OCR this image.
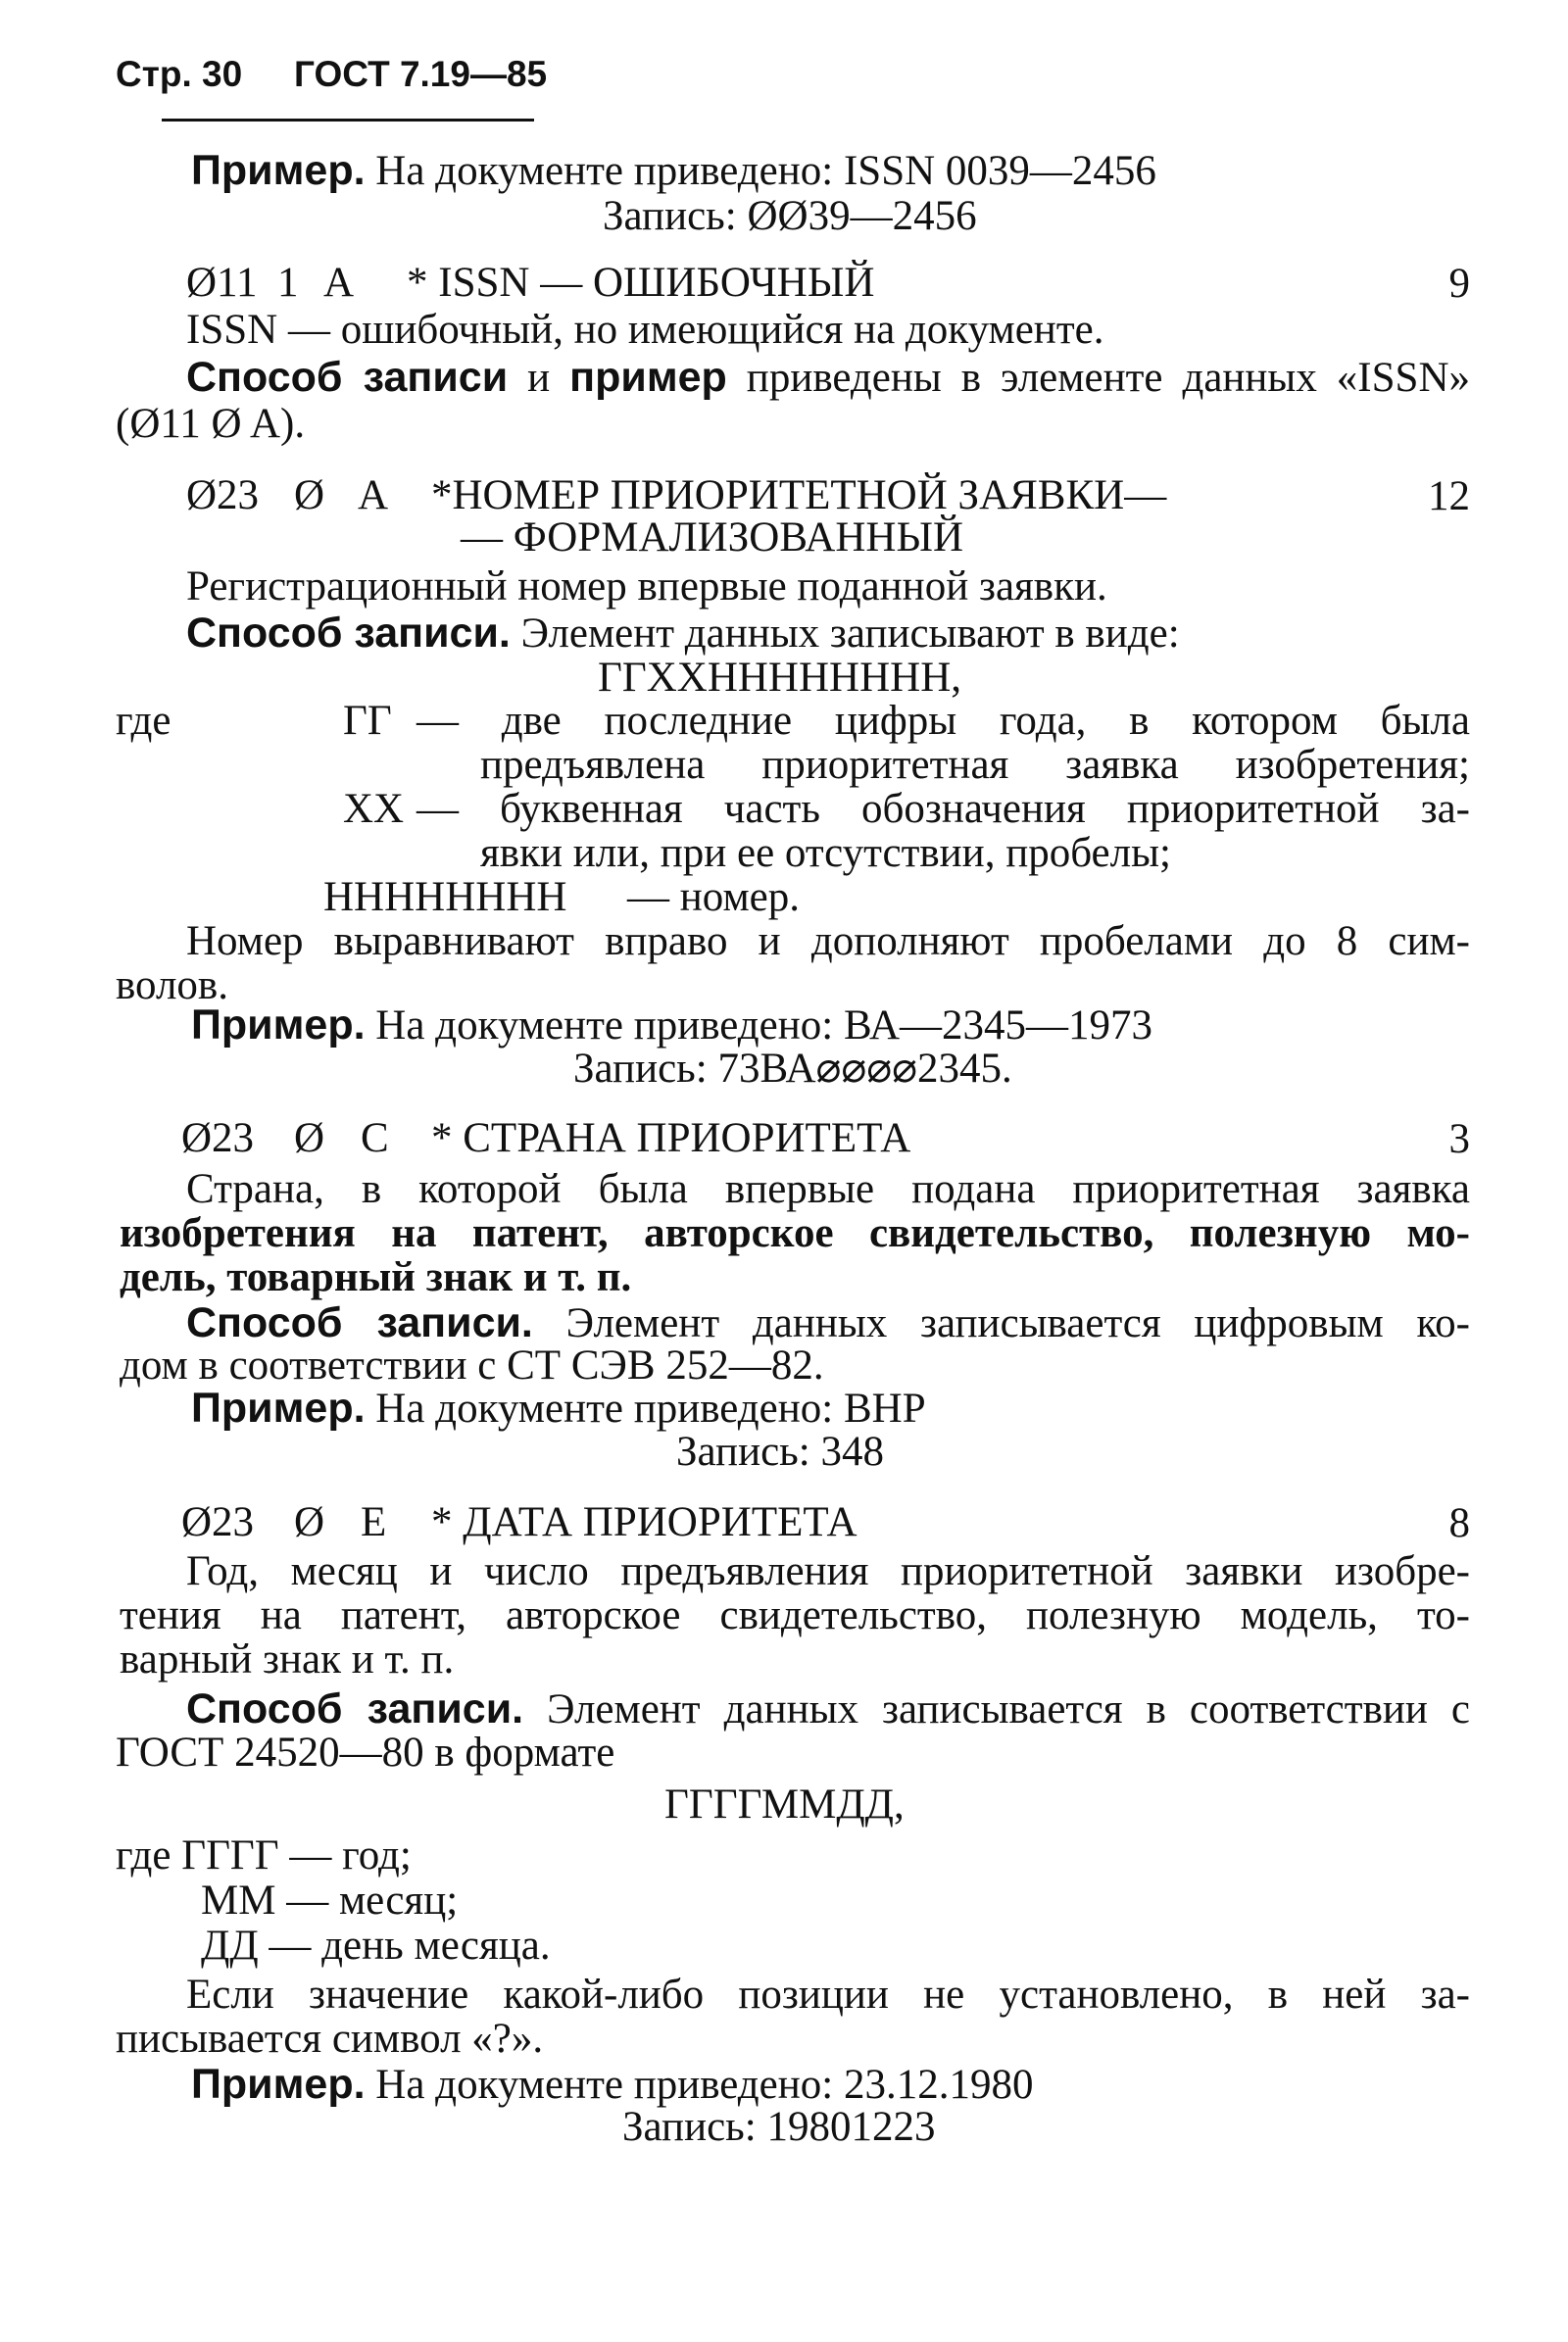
Стр. 30 ГОСТ 7.19—85
Пример. На документе приведено: ISSN 0039—2456
Запись: ØØ39—2456
Ø11 1 A * ISSN — ОШИБОЧНЫЙ	9
ISSN — ошибочный, но имеющийся на документе.
Способ записи и пример приведены в элементе данных «ISSN»
(Ø11 Ø A).
Ø23 Ø A *НОМЕР ПРИОРИТЕТНОЙ ЗАЯВКИ—	12
— ФОРМАЛИЗОВАННЫЙ
Регистрационный номер впервые поданной заявки.
Способ записи. Элемент данных записывают в виде:
ГГXXHHHHHHHH,
где	ГГ — две последние цифры года, в котором была
предъявлена приоритетная заявка изобретения;
XX — буквенная часть обозначения приоритетной за-
явки или, при ее отсутствии, пробелы;
HHHHHHHH — номер.
Номер выравнивают вправо и дополняют пробелами до 8 сим-
волов.
Пример. На документе приведено: ВА—2345—1973
Запись: 73ВА⌀⌀⌀⌀2345.
Ø23 Ø C * СТРАНА ПРИОРИТЕТА	3
Страна, в которой была впервые подана приоритетная заявка
изобретения на патент, авторское свидетельство, полезную мо-
дель, товарный знак и т. п.
Способ записи. Элемент данных записывается цифровым ко-
дом в соответствии с СТ СЭВ 252—82.
Пример. На документе приведено: ВНР
Запись: 348
Ø23 Ø E * ДАТА ПРИОРИТЕТА	8
Год, месяц и число предъявления приоритетной заявки изобре-
тения на патент, авторское свидетельство, полезную модель, то-
варный знак и т. п.
Способ записи. Элемент данных записывается в соответствии с
ГОСТ 24520—80 в формате
ГГГГММДД,
где ГГГГ — год;
ММ — месяц;
ДД — день месяца.
Если значение какой-либо позиции не установлено, в ней за-
писывается символ «?».
Пример. На документе приведено: 23.12.1980
Запись: 19801223
